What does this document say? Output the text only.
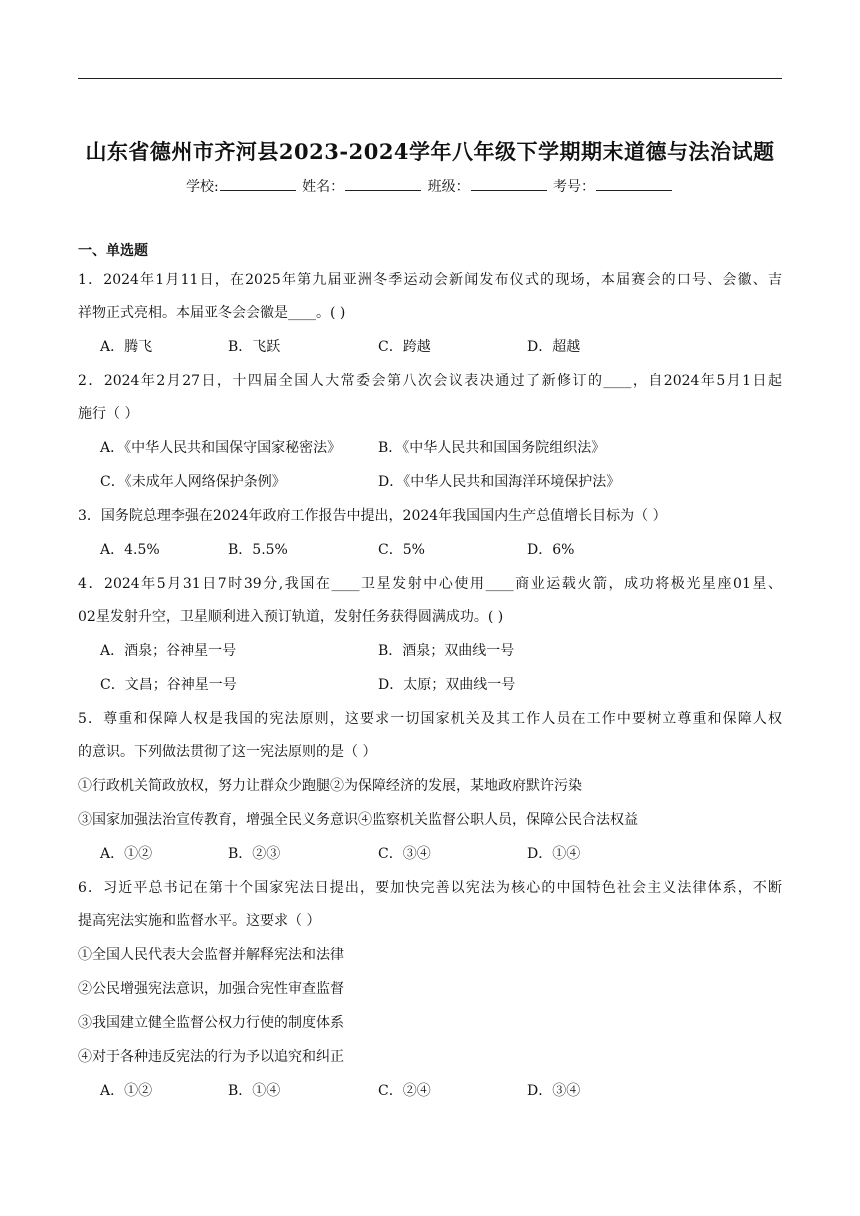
山东省德州市齐河县2023-2024学年八年级下学期期末道德与法治试题
学校:	姓名：	班级：	考号：
一、单选题
1．2024年1月11日，在2025年第九届亚洲冬季运动会新闻发布仪式的现场，本届赛会的口号、会徽、吉
祥物正式亮相。本届亚冬会会徽是____。( )
A．腾飞	B．飞跃	C．跨越	D．超越
2．2024年2月27日，十四届全国人大常委会第八次会议表决通过了新修订的____，自2024年5月1日起
施行（ ）
A．《中华人民共和国保守国家秘密法》	B．《中华人民共和国国务院组织法》
C．《未成年人网络保护条例》	D．《中华人民共和国海洋环境保护法》
3．国务院总理李强在2024年政府工作报告中提出，2024年我国国内生产总值增长目标为（ ）
A．4.5%	B．5.5%	C．5%	D．6%
4．2024年5月31日7时39分,我国在____卫星发射中心使用____商业运载火箭，成功将极光星座01星、
02星发射升空，卫星顺利进入预订轨道，发射任务获得圆满成功。( )
A．酒泉；谷神星一号	B．酒泉；双曲线一号
C．文昌；谷神星一号	D．太原；双曲线一号
5．尊重和保障人权是我国的宪法原则，这要求一切国家机关及其工作人员在工作中要树立尊重和保障人权
的意识。下列做法贯彻了这一宪法原则的是（ ）
①行政机关简政放权，努力让群众少跑腿②为保障经济的发展，某地政府默许污染
③国家加强法治宣传教育，增强全民义务意识④监察机关监督公职人员，保障公民合法权益
A．①②	B．②③	C．③④	D．①④
6．习近平总书记在第十个国家宪法日提出，要加快完善以宪法为核心的中国特色社会主义法律体系，不断
提高宪法实施和监督水平。这要求（ ）
①全国人民代表大会监督并解释宪法和法律
②公民增强宪法意识，加强合宪性审查监督
③我国建立健全监督公权力行使的制度体系
④对于各种违反宪法的行为予以追究和纠正
A．①②	B．①④	C．②④	D．③④
